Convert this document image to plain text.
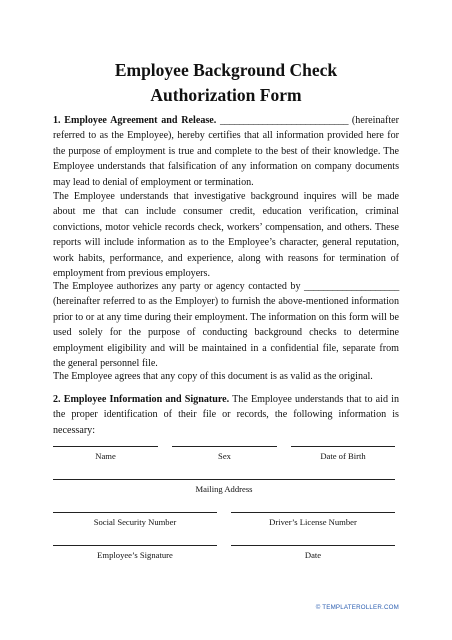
Employee Background Check
Authorization Form

1. Employee Agreement and Release. ___________________________ (hereinafter referred to as the Employee), hereby certifies that all information provided here for the purpose of employment is true and complete to the best of their knowledge. The Employee understands that falsification of any information on company documents may lead to denial of employment or termination.

The Employee understands that investigative background inquires will be made about me that can include consumer credit, education verification, criminal convictions, motor vehicle records check, workers’ compensation, and others. These reports will include information as to the Employee’s character, general reputation, work habits, performance, and experience, along with reasons for termination of employment from previous employers.

The Employee authorizes any party or agency contacted by ____________________ (hereinafter referred to as the Employer) to furnish the above-mentioned information prior to or at any time during their employment. The information on this form will be used solely for the purpose of conducting background checks to determine employment eligibility and will be maintained in a confidential file, separate from the general personnel file.

The Employee agrees that any copy of this document is as valid as the original.

2. Employee Information and Signature. The Employee understands that to aid in the proper identification of their file or records, the following information is necessary:

Name	Sex	Date of Birth
Mailing Address
Social Security Number	Driver’s License Number
Employee’s Signature	Date
© TEMPLATEROLLER.COM
